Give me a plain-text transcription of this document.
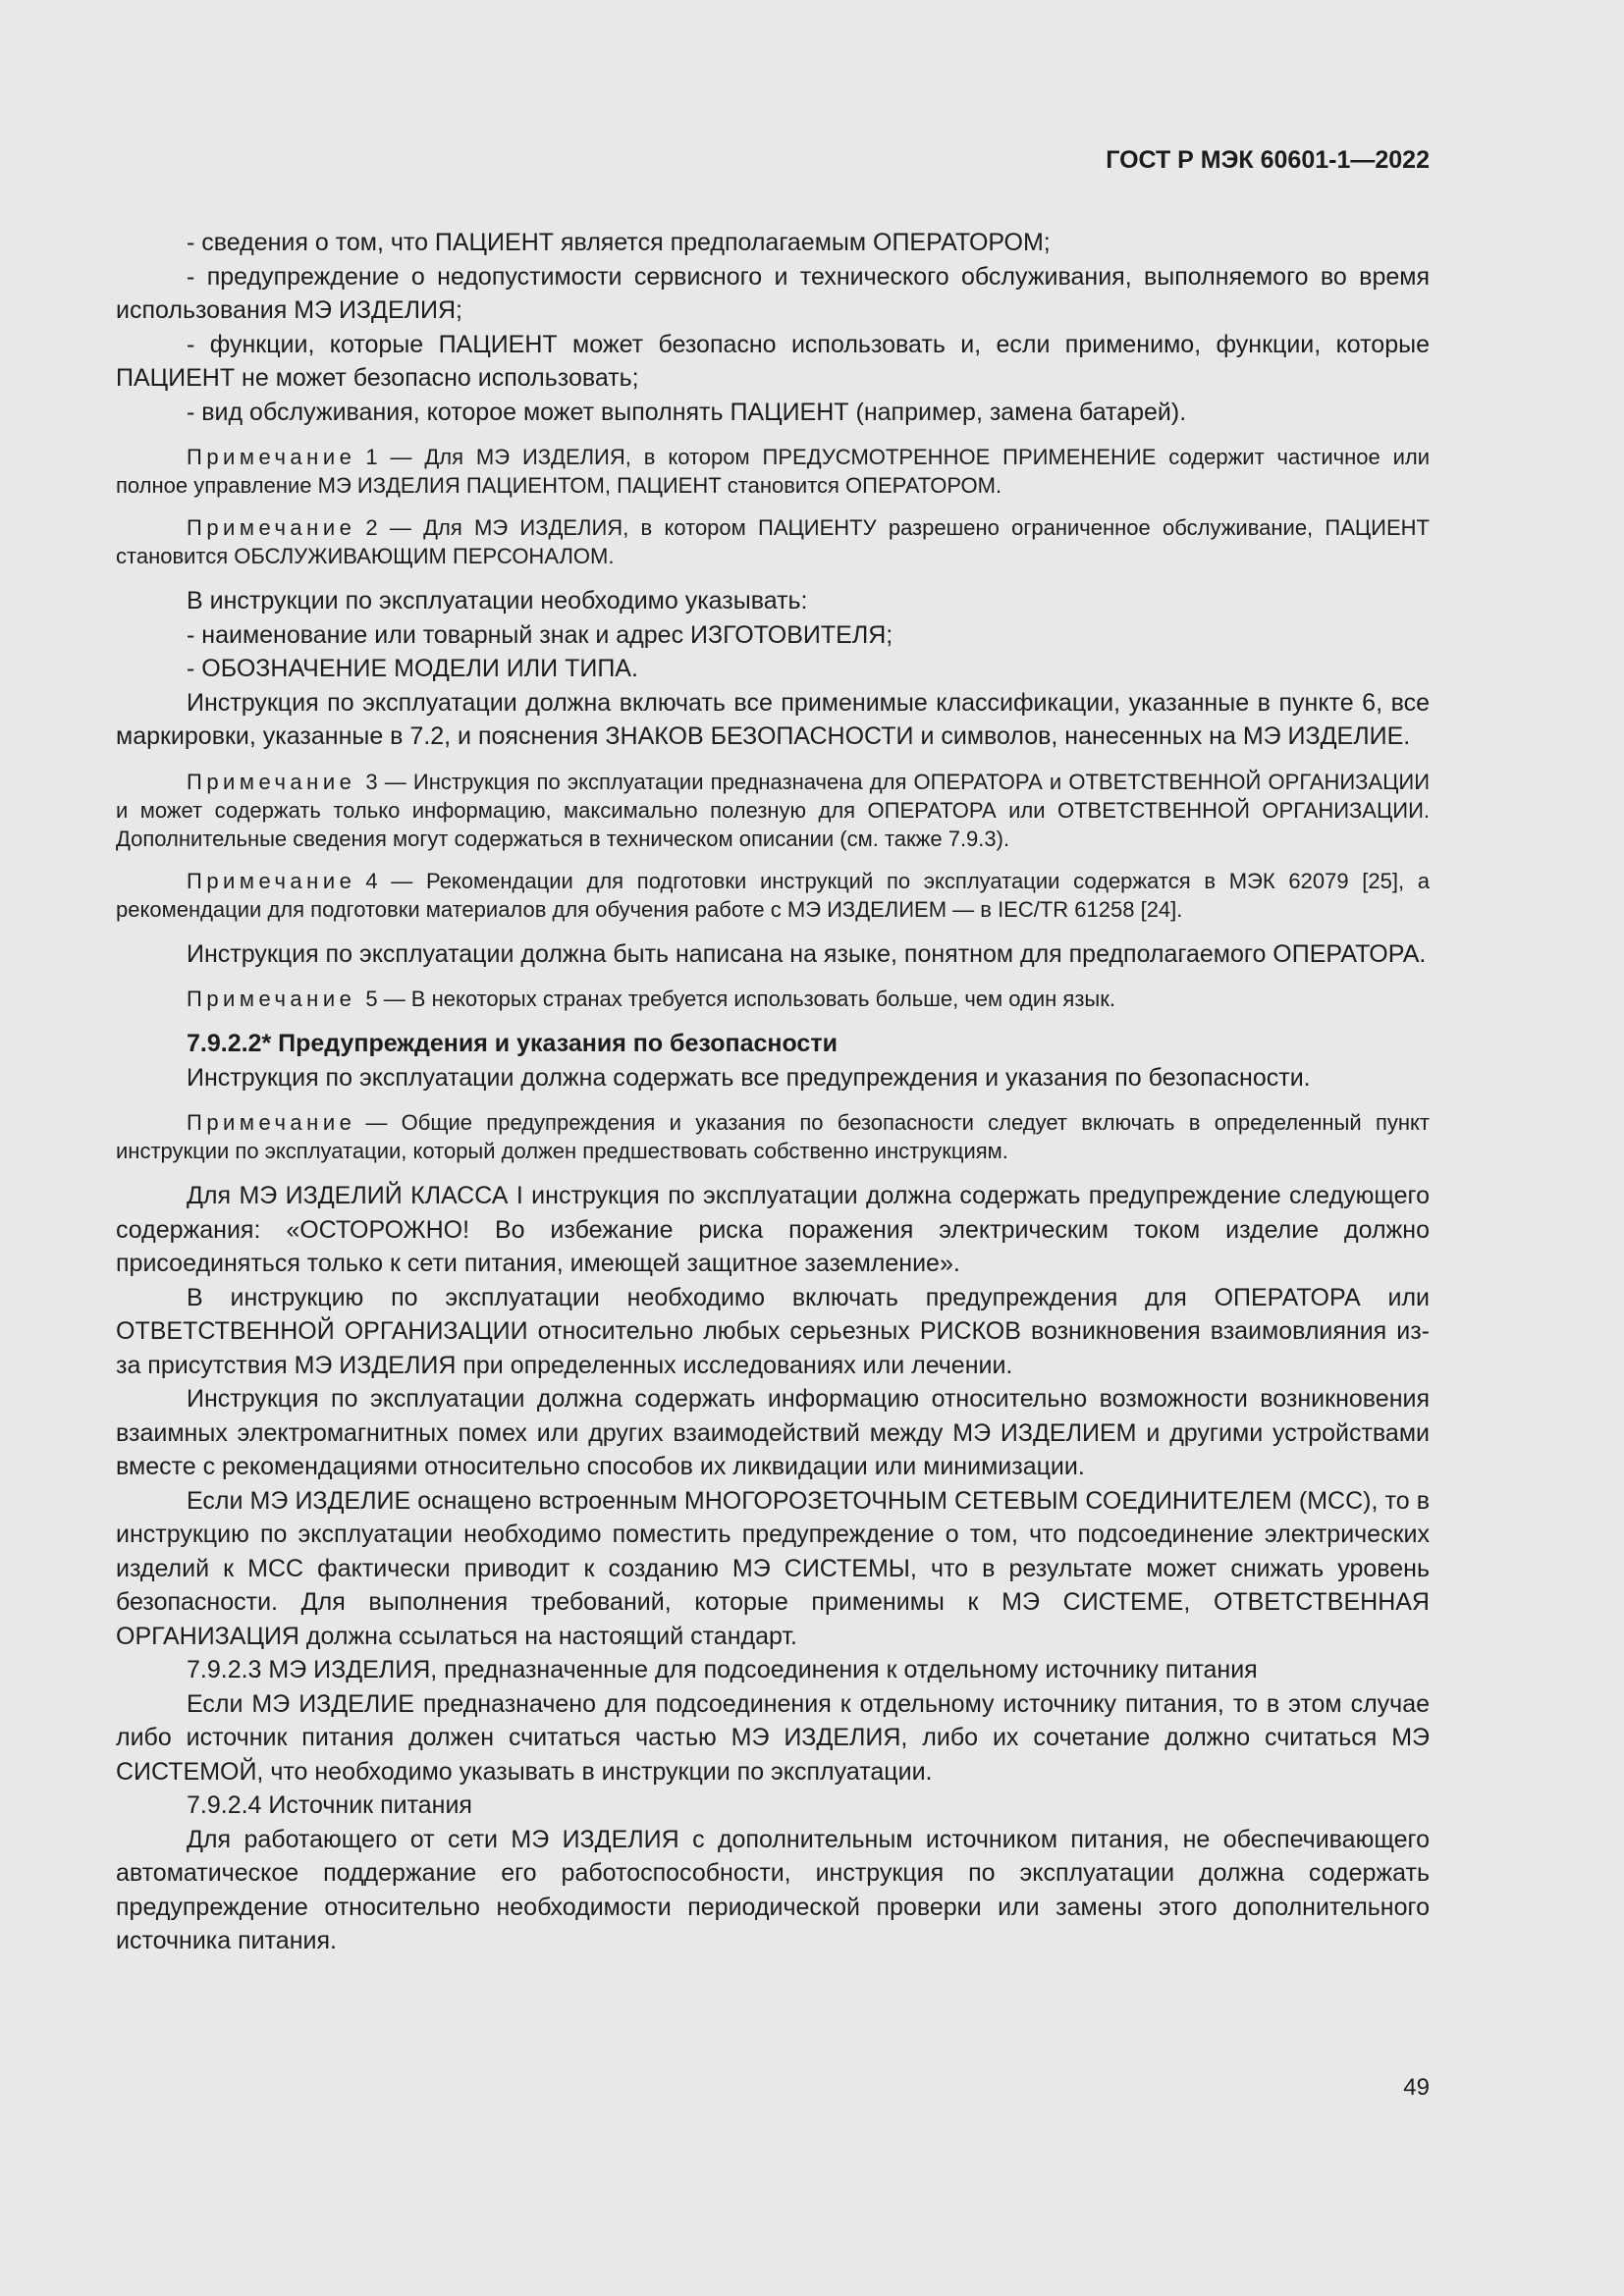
ГОСТ Р МЭК 60601-1—2022

- сведения о том, что ПАЦИЕНТ является предполагаемым ОПЕРАТОРОМ;

- предупреждение о недопустимости сервисного и технического обслуживания, выполняемого во время использования МЭ ИЗДЕЛИЯ;

- функции, которые ПАЦИЕНТ может безопасно использовать и, если применимо, функции, которые ПАЦИЕНТ не может безопасно использовать;

- вид обслуживания, которое может выполнять ПАЦИЕНТ (например, замена батарей).

Примечание 1 — Для МЭ ИЗДЕЛИЯ, в котором ПРЕДУСМОТРЕННОЕ ПРИМЕНЕНИЕ содержит частичное или полное управление МЭ ИЗДЕЛИЯ ПАЦИЕНТОМ, ПАЦИЕНТ становится ОПЕРАТОРОМ.

Примечание 2 — Для МЭ ИЗДЕЛИЯ, в котором ПАЦИЕНТУ разрешено ограниченное обслуживание, ПАЦИЕНТ становится ОБСЛУЖИВАЮЩИМ ПЕРСОНАЛОМ.

В инструкции по эксплуатации необходимо указывать:

- наименование или товарный знак и адрес ИЗГОТОВИТЕЛЯ;

- ОБОЗНАЧЕНИЕ МОДЕЛИ ИЛИ ТИПА.

Инструкция по эксплуатации должна включать все применимые классификации, указанные в пункте 6, все маркировки, указанные в 7.2, и пояснения ЗНАКОВ БЕЗОПАСНОСТИ и символов, нанесенных на МЭ ИЗДЕЛИЕ.

Примечание 3 — Инструкция по эксплуатации предназначена для ОПЕРАТОРА и ОТВЕТСТВЕННОЙ ОРГАНИЗАЦИИ и может содержать только информацию, максимально полезную для ОПЕРАТОРА или ОТВЕТСТВЕННОЙ ОРГАНИЗАЦИИ. Дополнительные сведения могут содержаться в техническом описании (см. также 7.9.3).

Примечание 4 — Рекомендации для подготовки инструкций по эксплуатации содержатся в МЭК 62079 [25], а рекомендации для подготовки материалов для обучения работе с МЭ ИЗДЕЛИЕМ — в IEC/TR 61258 [24].

Инструкция по эксплуатации должна быть написана на языке, понятном для предполагаемого ОПЕРАТОРА.

Примечание 5 — В некоторых странах требуется использовать больше, чем один язык.

7.9.2.2* Предупреждения и указания по безопасности

Инструкция по эксплуатации должна содержать все предупреждения и указания по безопасности.

Примечание — Общие предупреждения и указания по безопасности следует включать в определенный пункт инструкции по эксплуатации, который должен предшествовать собственно инструкциям.

Для МЭ ИЗДЕЛИЙ КЛАССА I инструкция по эксплуатации должна содержать предупреждение следующего содержания: «ОСТОРОЖНО! Во избежание риска поражения электрическим током изделие должно присоединяться только к сети питания, имеющей защитное заземление».

В инструкцию по эксплуатации необходимо включать предупреждения для ОПЕРАТОРА или ОТВЕТСТВЕННОЙ ОРГАНИЗАЦИИ относительно любых серьезных РИСКОВ возникновения взаимовлияния из-за присутствия МЭ ИЗДЕЛИЯ при определенных исследованиях или лечении.

Инструкция по эксплуатации должна содержать информацию относительно возможности возникновения взаимных электромагнитных помех или других взаимодействий между МЭ ИЗДЕЛИЕМ и другими устройствами вместе с рекомендациями относительно способов их ликвидации или минимизации.

Если МЭ ИЗДЕЛИЕ оснащено встроенным МНОГОРОЗЕТОЧНЫМ СЕТЕВЫМ СОЕДИНИТЕЛЕМ (МСС), то в инструкцию по эксплуатации необходимо поместить предупреждение о том, что подсоединение электрических изделий к МСС фактически приводит к созданию МЭ СИСТЕМЫ, что в результате может снижать уровень безопасности. Для выполнения требований, которые применимы к МЭ СИСТЕМЕ, ОТВЕТСТВЕННАЯ ОРГАНИЗАЦИЯ должна ссылаться на настоящий стандарт.

7.9.2.3 МЭ ИЗДЕЛИЯ, предназначенные для подсоединения к отдельному источнику питания

Если МЭ ИЗДЕЛИЕ предназначено для подсоединения к отдельному источнику питания, то в этом случае либо источник питания должен считаться частью МЭ ИЗДЕЛИЯ, либо их сочетание должно считаться МЭ СИСТЕМОЙ, что необходимо указывать в инструкции по эксплуатации.

7.9.2.4 Источник питания

Для работающего от сети МЭ ИЗДЕЛИЯ с дополнительным источником питания, не обеспечивающего автоматическое поддержание его работоспособности, инструкция по эксплуатации должна содержать предупреждение относительно необходимости периодической проверки или замены этого дополнительного источника питания.

49
